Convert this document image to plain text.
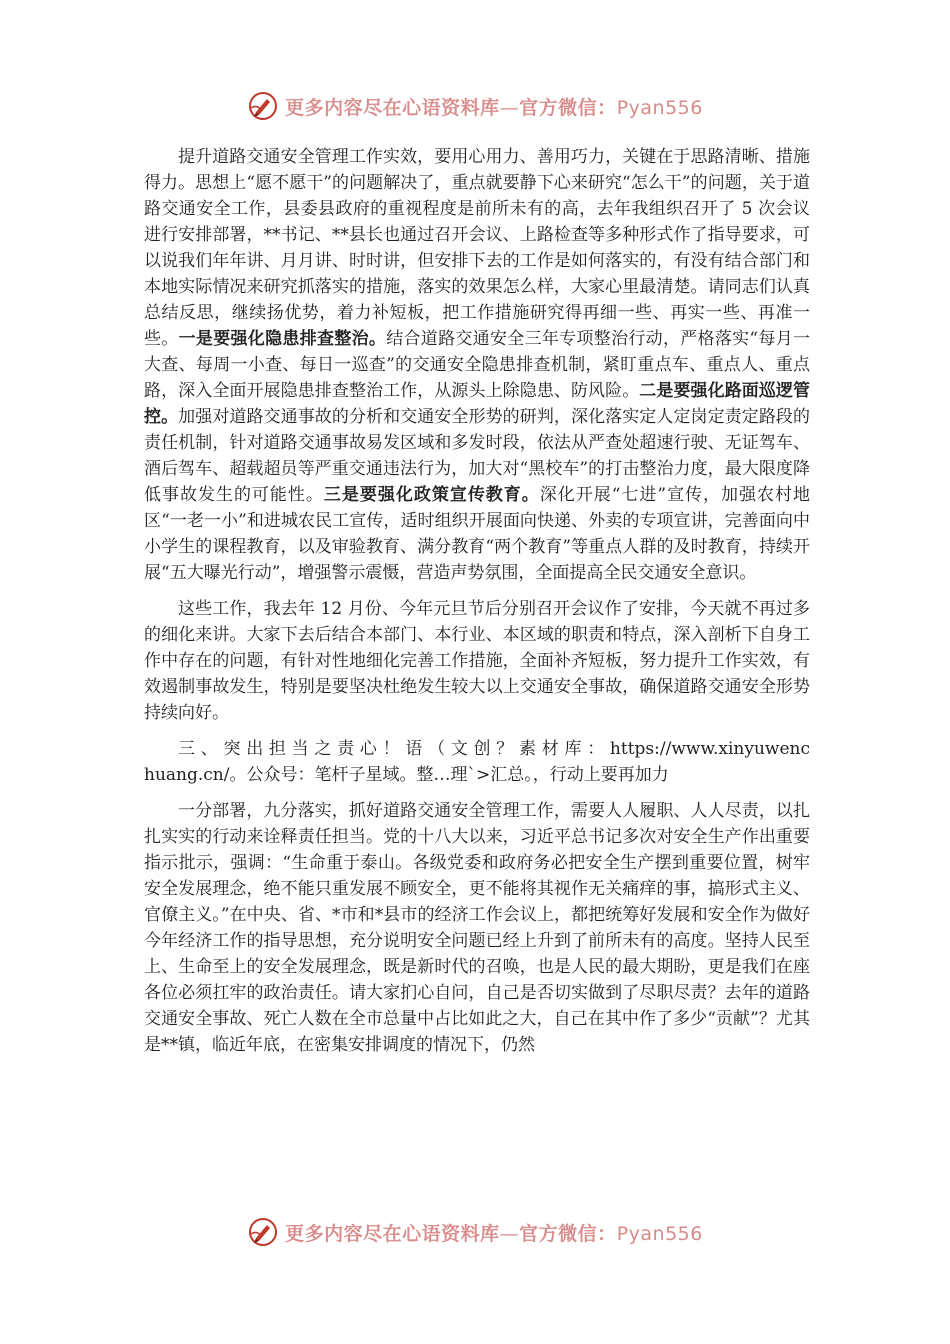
更多内容尽在心语资料库—官方微信：Pyan556

提升道路交通安全管理工作实效，要用心用力、善用巧力，关键在于思路清晰、措施得力。思想上“愿不愿干”的问题解决了，重点就要静下心来研究“怎么干”的问题，关于道路交通安全工作，县委县政府的重视程度是前所未有的高，去年我组织召开了 5 次会议进行安排部署，**书记、**县长也通过召开会议、上路检查等多种形式作了指导要求，可以说我们年年讲、月月讲、时时讲，但安排下去的工作是如何落实的，有没有结合部门和本地实际情况来研究抓落实的措施，落实的效果怎么样，大家心里最清楚。请同志们认真总结反思，继续扬优势，着力补短板，把工作措施研究得再细一些、再实一些、再准一些。一是要强化隐患排查整治。结合道路交通安全三年专项整治行动，严格落实“每月一大查、每周一小查、每日一巡查”的交通安全隐患排查机制，紧盯重点车、重点人、重点路，深入全面开展隐患排查整治工作，从源头上除隐患、防风险。二是要强化路面巡逻管控。加强对道路交通事故的分析和交通安全形势的研判，深化落实定人定岗定责定路段的责任机制，针对道路交通事故易发区域和多发时段，依法从严查处超速行驶、无证驾车、酒后驾车、超载超员等严重交通违法行为，加大对“黑校车”的打击整治力度，最大限度降低事故发生的可能性。三是要强化政策宣传教育。深化开展“七进”宣传，加强农村地区“一老一小”和进城农民工宣传，适时组织开展面向快递、外卖的专项宣讲，完善面向中小学生的课程教育，以及审验教育、满分教育“两个教育”等重点人群的及时教育，持续开展“五大曝光行动”，增强警示震慑，营造声势氛围，全面提高全民交通安全意识。

这些工作，我去年 12 月份、今年元旦节后分别召开会议作了安排，今天就不再过多的细化来讲。大家下去后结合本部门、本行业、本区域的职责和特点，深入剖析下自身工作中存在的问题，有针对性地细化完善工作措施，全面补齐短板，努力提升工作实效，有效遏制事故发生，特别是要坚决杜绝发生较大以上交通安全事故，确保道路交通安全形势持续向好。

三 、 突 出 担 当 之 责 心 ！ 语 （ 文 创 ？ 素 材 库 ： https://www.xinyuwenchuang.cn/。公众号：笔杆子星域。整…理`>汇总。，行动上要再加力

一分部署，九分落实，抓好道路交通安全管理工作，需要人人履职、人人尽责，以扎扎实实的行动来诠释责任担当。党的十八大以来，习近平总书记多次对安全生产作出重要指示批示，强调：“生命重于泰山。各级党委和政府务必把安全生产摆到重要位置，树牢安全发展理念，绝不能只重发展不顾安全，更不能将其视作无关痛痒的事，搞形式主义、官僚主义。”在中央、省、*市和*县市的经济工作会议上，都把统筹好发展和安全作为做好今年经济工作的指导思想，充分说明安全问题已经上升到了前所未有的高度。坚持人民至上、生命至上的安全发展理念，既是新时代的召唤，也是人民的最大期盼，更是我们在座各位必须扛牢的政治责任。请大家扪心自问，自己是否切实做到了尽职尽责？去年的道路交通安全事故、死亡人数在全市总量中占比如此之大，自己在其中作了多少“贡献”？尤其是**镇，临近年底，在密集安排调度的情况下，仍然

更多内容尽在心语资料库—官方微信：Pyan556
